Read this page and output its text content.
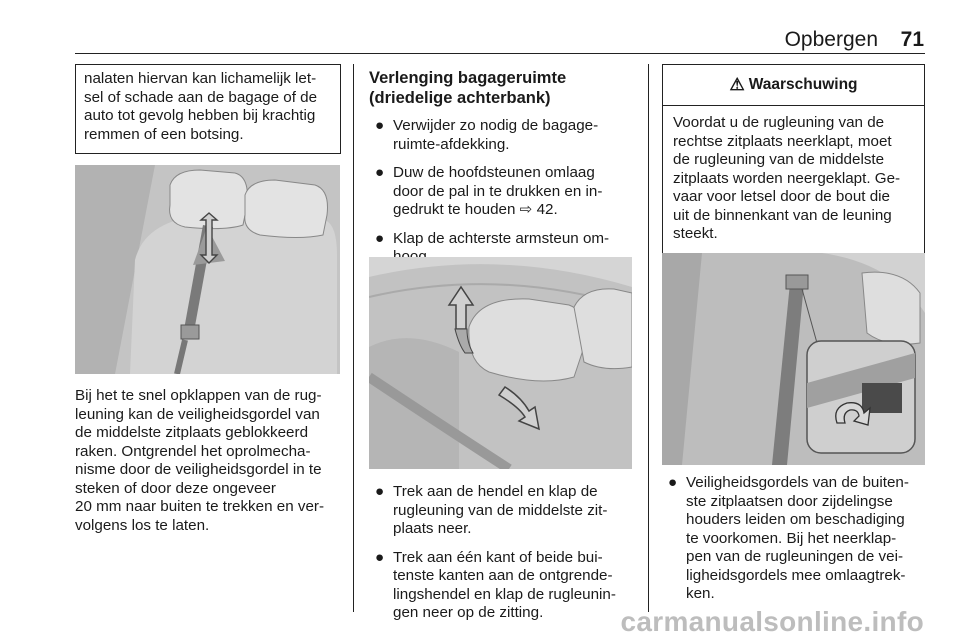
Opbergen 71
nalaten hiervan kan lichamelijk let-
sel of schade aan de bagage of de
auto tot gevolg hebben bij krachtig
remmen of een botsing.
Bij het te snel opklappen van de rug-
leuning kan de veiligheidsgordel van
de middelste zitplaats geblokkeerd
raken. Ontgrendel het oprolmecha-
nisme door de veiligheidsgordel in te
steken of door deze ongeveer
20 mm naar buiten te trekken en ver-
volgens los te laten.
Verlenging bagageruimte
(driedelige achterbank)
● Verwijder zo nodig de bagage-
ruimte-afdekking.
● Duw de hoofdsteunen omlaag
door de pal in te drukken en in-
gedrukt te houden ⇨ 42.
● Klap de achterste armsteun om-
● Trek aan de hendel en klap de
rugleuning van de middelste zit-
plaats neer.
● Trek aan één kant of beide bui-
tenste kanten aan de ontgrende-
lingshendel en klap de rugleunin-
gen neer op de zitting.
⚠ Waarschuwing
Voordat u de rugleuning van de
rechtse zitplaats neerklapt, moet
de rugleuning van de middelste
zitplaats worden neergeklapt. Ge-
vaar voor letsel door de bout die
uit de binnenkant van de leuning
steekt.
● Veiligheidsgordels van de buiten-
ste zitplaatsen door zijdelingse
houders leiden om beschadiging
te voorkomen. Bij het neerklap-
pen van de rugleuningen de vei-
ligheidsgordels mee omlaagtrek-
ken.
carmanualsonline.info
